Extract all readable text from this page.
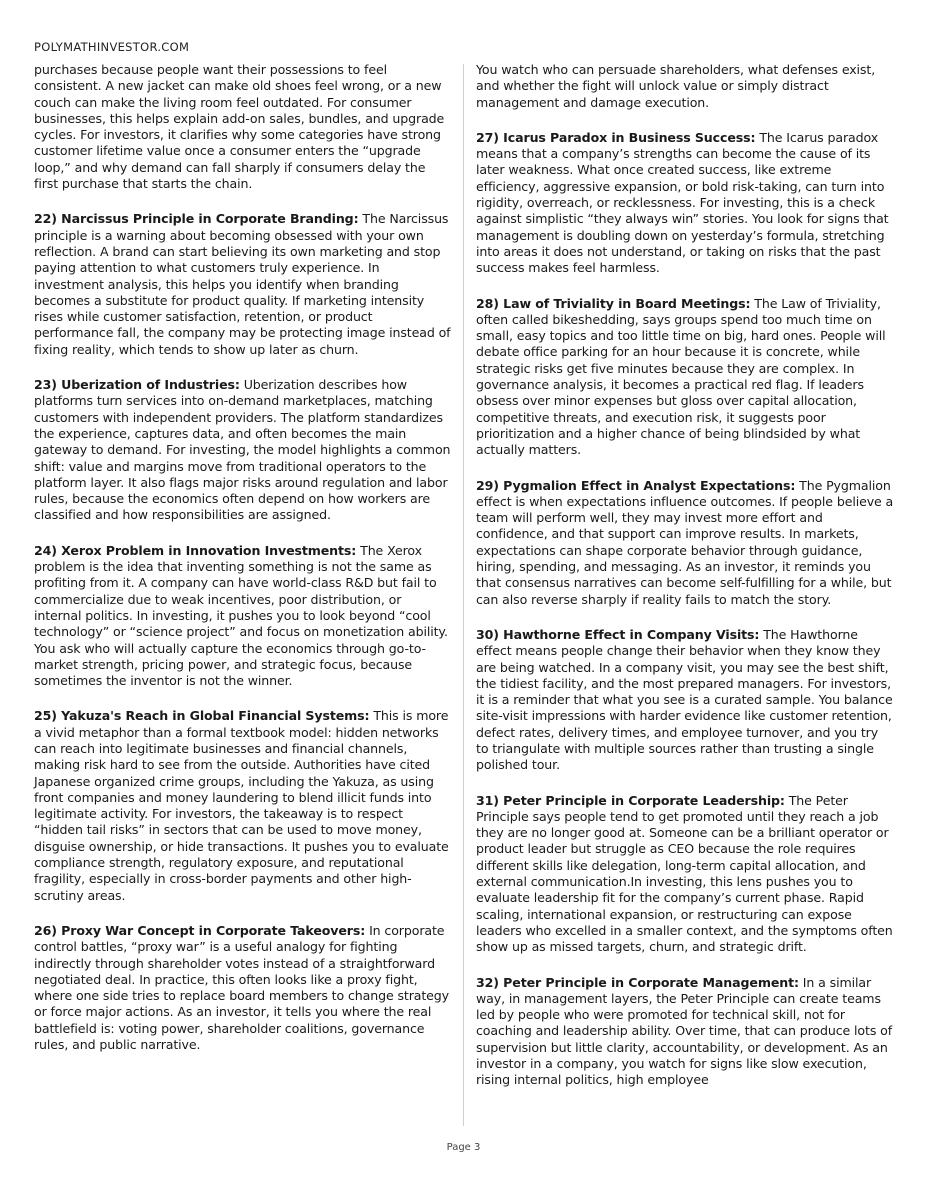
POLYMATHINVESTOR.COM

purchases because people want their possessions to feel consistent. A new jacket can make old shoes feel wrong, or a new couch can make the living room feel outdated. For consumer businesses, this helps explain add-on sales, bundles, and upgrade cycles. For investors, it clarifies why some categories have strong customer lifetime value once a consumer enters the “upgrade loop,” and why demand can fall sharply if consumers delay the first purchase that starts the chain.

22) Narcissus Principle in Corporate Branding: The Narcissus principle is a warning about becoming obsessed with your own reflection. A brand can start believing its own marketing and stop paying attention to what customers truly experience. In investment analysis, this helps you identify when branding becomes a substitute for product quality. If marketing intensity rises while customer satisfaction, retention, or product performance fall, the company may be protecting image instead of fixing reality, which tends to show up later as churn.

23) Uberization of Industries: Uberization describes how platforms turn services into on-demand marketplaces, matching customers with independent providers. The platform standardizes the experience, captures data, and often becomes the main gateway to demand. For investing, the model highlights a common shift: value and margins move from traditional operators to the platform layer. It also flags major risks around regulation and labor rules, because the economics often depend on how workers are classified and how responsibilities are assigned.

24) Xerox Problem in Innovation Investments: The Xerox problem is the idea that inventing something is not the same as profiting from it. A company can have world-class R&D but fail to commercialize due to weak incentives, poor distribution, or internal politics. In investing, it pushes you to look beyond “cool technology” or “science project” and focus on monetization ability. You ask who will actually capture the economics through go-to-market strength, pricing power, and strategic focus, because sometimes the inventor is not the winner.

25) Yakuza's Reach in Global Financial Systems: This is more a vivid metaphor than a formal textbook model: hidden networks can reach into legitimate businesses and financial channels, making risk hard to see from the outside. Authorities have cited Japanese organized crime groups, including the Yakuza, as using front companies and money laundering to blend illicit funds into legitimate activity. For investors, the takeaway is to respect “hidden tail risks” in sectors that can be used to move money, disguise ownership, or hide transactions. It pushes you to evaluate compliance strength, regulatory exposure, and reputational fragility, especially in cross-border payments and other high-scrutiny areas.

26) Proxy War Concept in Corporate Takeovers: In corporate control battles, “proxy war” is a useful analogy for fighting indirectly through shareholder votes instead of a straightforward negotiated deal. In practice, this often looks like a proxy fight, where one side tries to replace board members to change strategy or force major actions. As an investor, it tells you where the real battlefield is: voting power, shareholder coalitions, governance rules, and public narrative.

You watch who can persuade shareholders, what defenses exist, and whether the fight will unlock value or simply distract management and damage execution.

27) Icarus Paradox in Business Success: The Icarus paradox means that a company’s strengths can become the cause of its later weakness. What once created success, like extreme efficiency, aggressive expansion, or bold risk-taking, can turn into rigidity, overreach, or recklessness. For investing, this is a check against simplistic “they always win” stories. You look for signs that management is doubling down on yesterday’s formula, stretching into areas it does not understand, or taking on risks that the past success makes feel harmless.

28) Law of Triviality in Board Meetings: The Law of Triviality, often called bikeshedding, says groups spend too much time on small, easy topics and too little time on big, hard ones. People will debate office parking for an hour because it is concrete, while strategic risks get five minutes because they are complex. In governance analysis, it becomes a practical red flag. If leaders obsess over minor expenses but gloss over capital allocation, competitive threats, and execution risk, it suggests poor prioritization and a higher chance of being blindsided by what actually matters.

29) Pygmalion Effect in Analyst Expectations: The Pygmalion effect is when expectations influence outcomes. If people believe a team will perform well, they may invest more effort and confidence, and that support can improve results. In markets, expectations can shape corporate behavior through guidance, hiring, spending, and messaging. As an investor, it reminds you that consensus narratives can become self-fulfilling for a while, but can also reverse sharply if reality fails to match the story.

30) Hawthorne Effect in Company Visits: The Hawthorne effect means people change their behavior when they know they are being watched. In a company visit, you may see the best shift, the tidiest facility, and the most prepared managers. For investors, it is a reminder that what you see is a curated sample. You balance site-visit impressions with harder evidence like customer retention, defect rates, delivery times, and employee turnover, and you try to triangulate with multiple sources rather than trusting a single polished tour.

31) Peter Principle in Corporate Leadership: The Peter Principle says people tend to get promoted until they reach a job they are no longer good at. Someone can be a brilliant operator or product leader but struggle as CEO because the role requires different skills like delegation, long-term capital allocation, and external communication.In investing, this lens pushes you to evaluate leadership fit for the company’s current phase. Rapid scaling, international expansion, or restructuring can expose leaders who excelled in a smaller context, and the symptoms often show up as missed targets, churn, and strategic drift.

32) Peter Principle in Corporate Management: In a similar way, in management layers, the Peter Principle can create teams led by people who were promoted for technical skill, not for coaching and leadership ability. Over time, that can produce lots of supervision but little clarity, accountability, or development. As an investor in a company, you watch for signs like slow execution, rising internal politics, high employee

Page 3
